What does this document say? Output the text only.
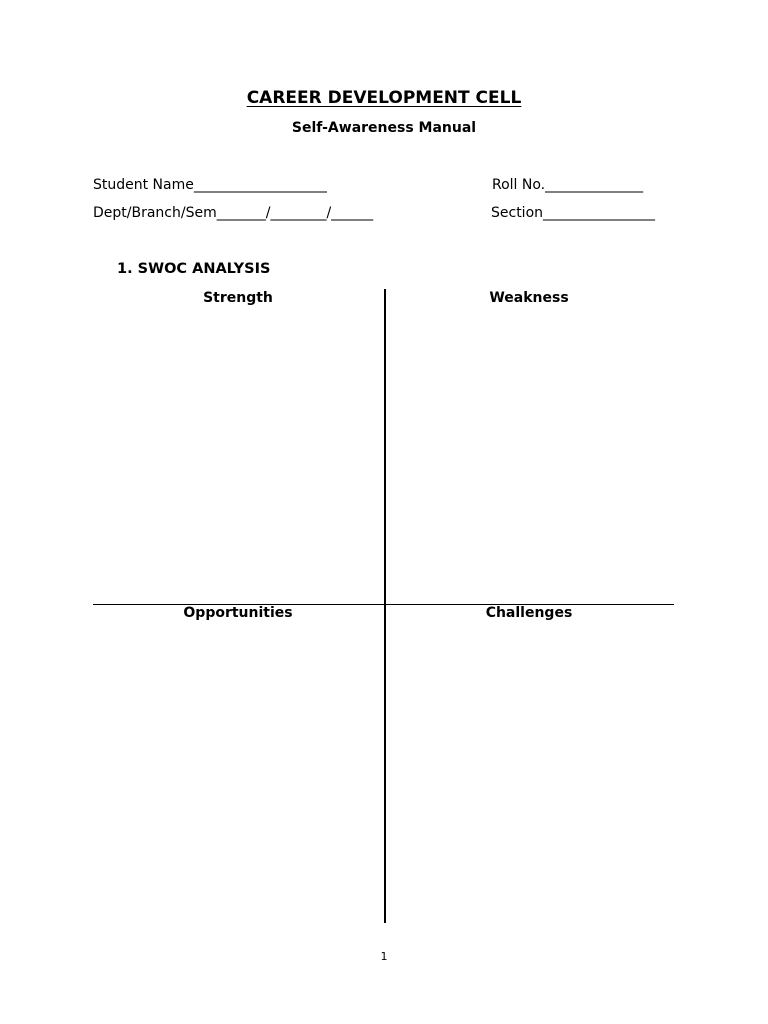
CAREER DEVELOPMENT CELL
Self-Awareness Manual
Student Name___________________	Roll No.______________
Dept/Branch/Sem_______/________/______	Section________________
1. SWOC ANALYSIS
Strength	Weakness
Opportunities	Challenges
1
